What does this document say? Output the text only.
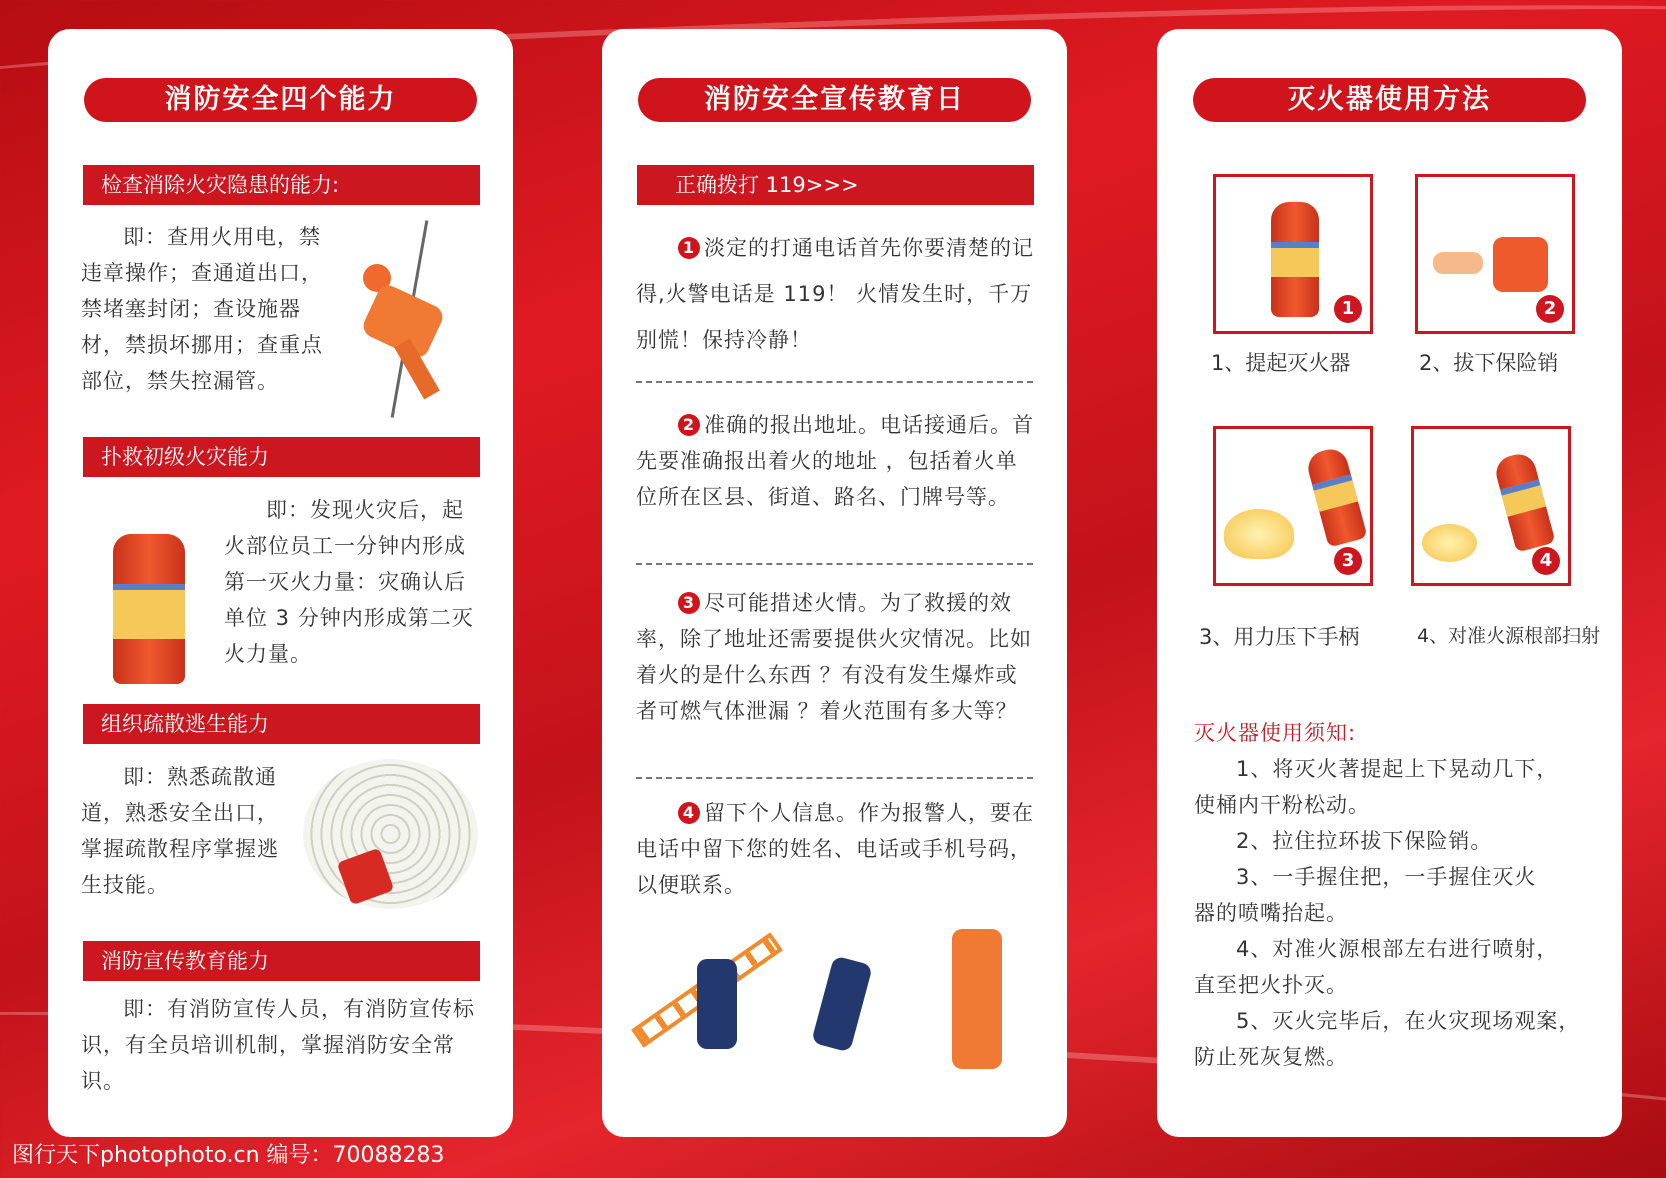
消防安全四个能力
检查消除火灾隐患的能力:
即：查用火用电，禁违章操作；查通道出口，禁堵塞封闭；查设施器材，禁损坏挪用；查重点部位，禁失控漏管。
扑救初级火灾能力
即：发现火灾后，起火部位员工一分钟内形成第一灭火力量：灾确认后单位 3 分钟内形成第二灭火力量。
组织疏散逃生能力
即：熟悉疏散通道，熟悉安全出口，掌握疏散程序掌握逃生技能。
消防宣传教育能力
即：有消防宣传人员，有消防宣传标识，有全员培训机制，掌握消防安全常识。
消防安全宣传教育日
正确拨打 119>>>
1 淡定的打通电话首先你要清楚的记得,火警电话是 119！ 火情发生时，千万别慌！保持冷静！
2 准确的报出地址。电话接通后。首先要准确报出着火的地址 ，包括着火单位所在区县、街道、路名、门牌号等。
3 尽可能措述火情。为了救援的效率，除了地址还需要提供火灾情况。比如着火的是什么东西 ？有没有发生爆炸或者可燃气体泄漏 ？着火范围有多大等？
4 留下个人信息。作为报警人，要在电话中留下您的姓名、电话或手机号码，以便联系。
灭火器使用方法
1	2
1、提起灭火器	2、拔下保险销
3	4
3、用力压下手柄	4、对准火源根部扫射
灭火器使用须知:
1、将灭火著提起上下晃动几下，
使桶内干粉松动。
2、拉住拉环拔下保险销。
3、一手握住把，一手握住灭火
器的喷嘴抬起。
4、对准火源根部左右进行喷射，
直至把火扑灭。
5、灭火完毕后，在火灾现场观案，
防止死灰复燃。
图行天下photophoto.cn 编号：70088283
